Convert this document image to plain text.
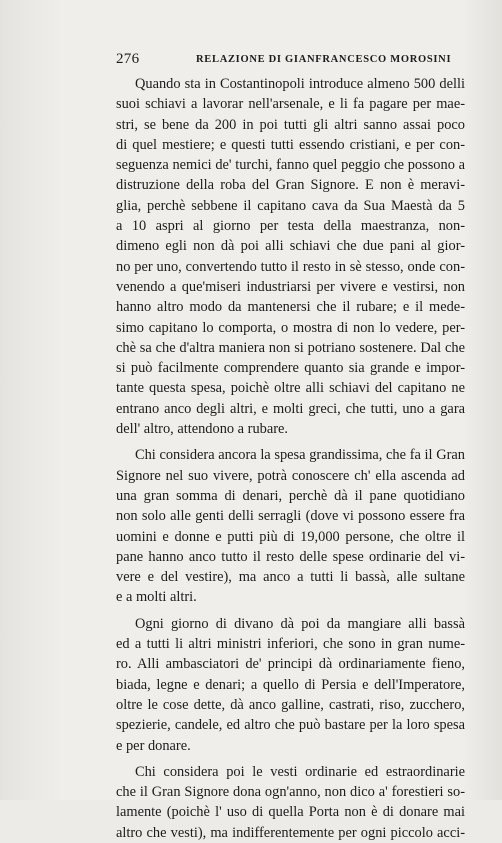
276	RELAZIONE DI GIANFRANCESCO MOROSINI
Quando sta in Costantinopoli introduce almeno 500 delli
suoi schiavi a lavorar nell'arsenale, e li fa pagare per mae-
stri, se bene da 200 in poi tutti gli altri sanno assai poco
di quel mestiere; e questi tutti essendo cristiani, e per con-
seguenza nemici de' turchi, fanno quel peggio che possono a
distruzione della roba del Gran Signore. E non è meravi-
glia, perchè sebbene il capitano cava da Sua Maestà da 5
a 10 aspri al giorno per testa della maestranza, non-
dimeno egli non dà poi alli schiavi che due pani al gior-
no per uno, convertendo tutto il resto in sè stesso, onde con-
venendo a que'miseri industriarsi per vivere e vestirsi, non
hanno altro modo da mantenersi che il rubare; e il mede-
simo capitano lo comporta, o mostra di non lo vedere, per-
chè sa che d'altra maniera non si potriano sostenere. Dal che
si può facilmente comprendere quanto sia grande e impor-
tante questa spesa, poichè oltre alli schiavi del capitano ne
entrano anco degli altri, e molti greci, che tutti, uno a gara
dell' altro, attendono a rubare.
Chi considera ancora la spesa grandissima, che fa il Gran
Signore nel suo vivere, potrà conoscere ch' ella ascenda ad
una gran somma di denari, perchè dà il pane quotidiano
non solo alle genti delli serragli (dove vi possono essere fra
uomini e donne e putti più di 19,000 persone, che oltre il
pane hanno anco tutto il resto delle spese ordinarie del vi-
vere e del vestire), ma anco a tutti li bassà, alle sultane
e a molti altri.
Ogni giorno di divano dà poi da mangiare alli bassà
ed a tutti li altri ministri inferiori, che sono in gran nume-
ro. Alli ambasciatori de' principi dà ordinariamente fieno,
biada, legne e denari; a quello di Persia e dell'Imperatore,
oltre le cose dette, dà anco galline, castrati, riso, zucchero,
spezierie, candele, ed altro che può bastare per la loro spesa
e per donare.
Chi considera poi le vesti ordinarie ed estraordinarie
che il Gran Signore dona ogn'anno, non dico a' forestieri so-
lamente (poichè l' uso di quella Porta non è di donare mai
altro che vesti), ma indifferentemente per ogni piccolo acci-
